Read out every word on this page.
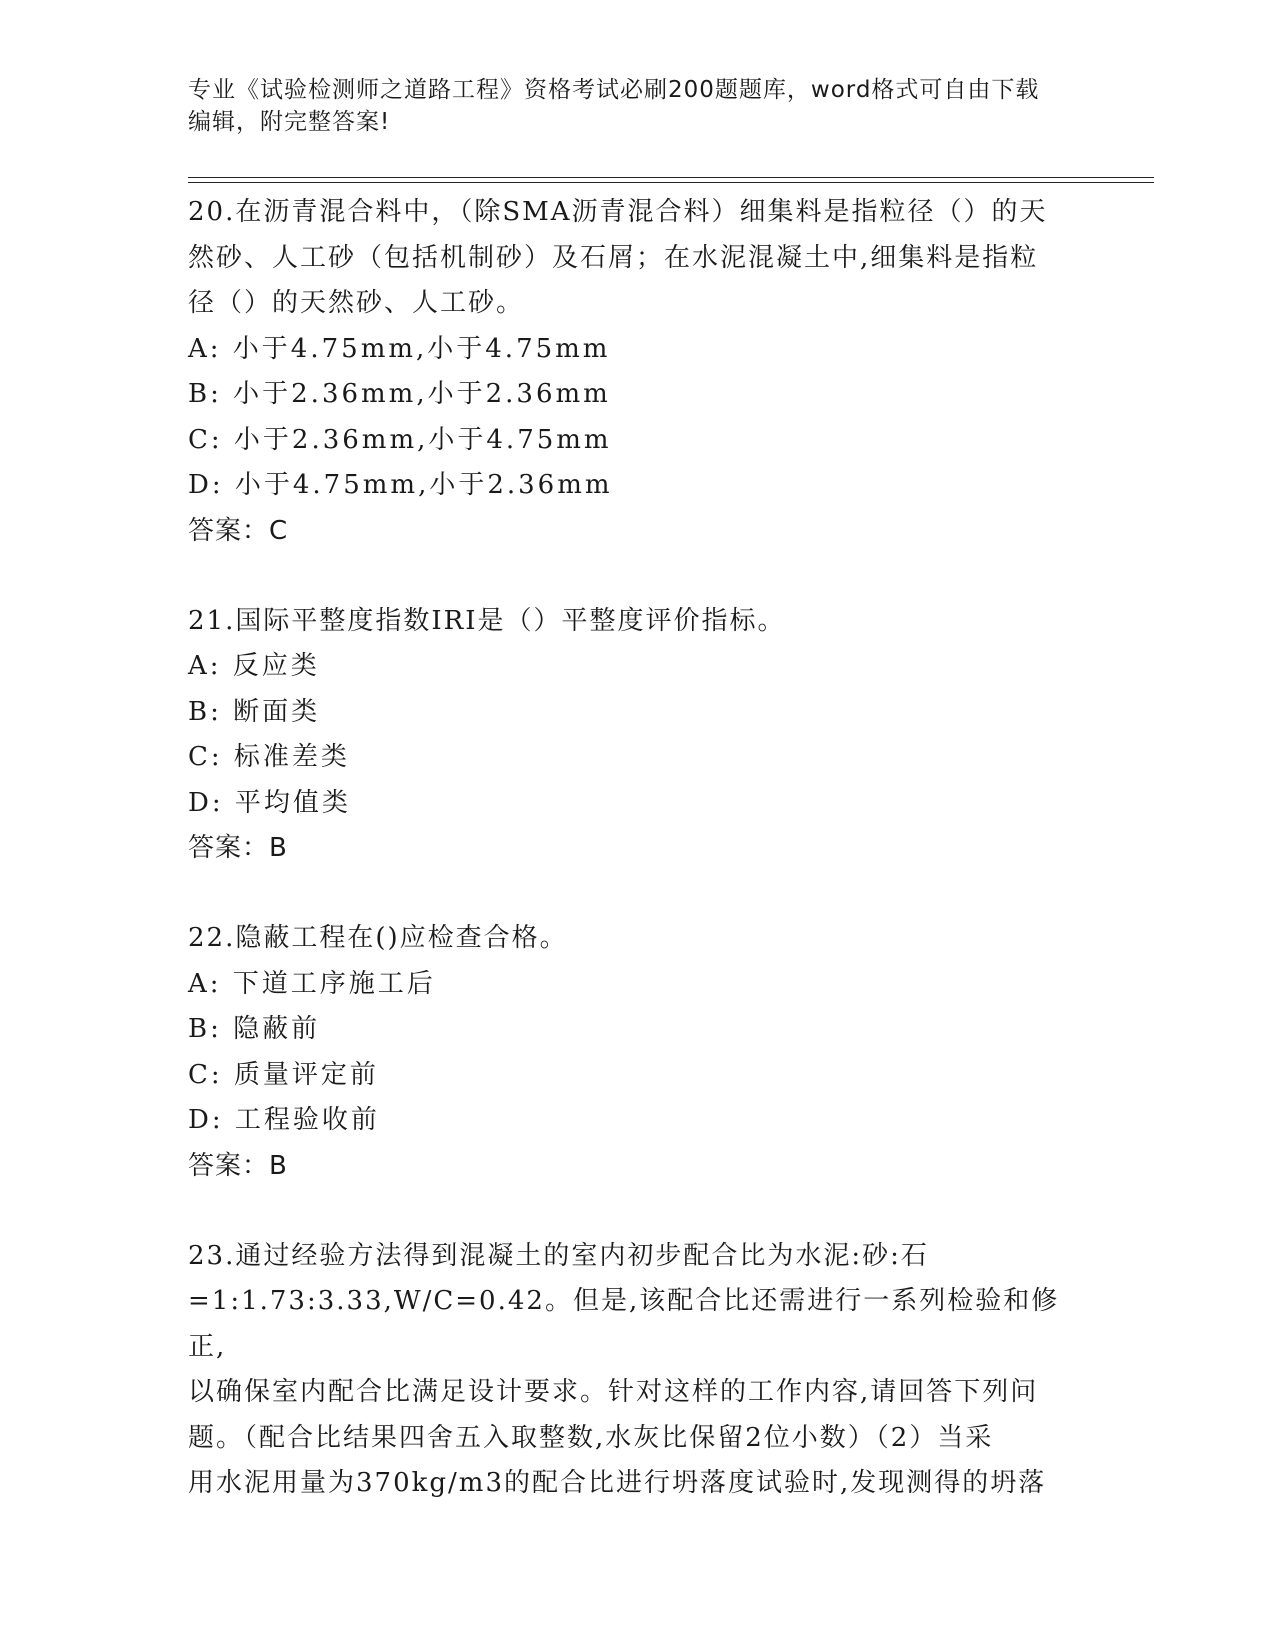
专业《试验检测师之道路工程》资格考试必刷200题题库，word格式可自由下载
编辑，附完整答案!
20.在沥青混合料中，（除SMA沥青混合料）细集料是指粒径（）的天
然砂、人工砂（包括机制砂）及石屑；在水泥混凝土中,细集料是指粒
径（）的天然砂、人工砂。
A: 小于4.75mm,小于4.75mm
B: 小于2.36mm,小于2.36mm
C: 小于2.36mm,小于4.75mm
D: 小于4.75mm,小于2.36mm
答案：C
21.国际平整度指数IRI是（）平整度评价指标。
A: 反应类
B: 断面类
C: 标准差类
D: 平均值类
答案：B
22.隐蔽工程在()应检查合格。
A: 下道工序施工后
B: 隐蔽前
C: 质量评定前
D: 工程验收前
答案：B
23.通过经验方法得到混凝土的室内初步配合比为水泥:砂:石
=1:1.73:3.33,W/C=0.42。但是,该配合比还需进行一系列检验和修正,
以确保室内配合比满足设计要求。针对这样的工作内容,请回答下列问
题。（配合比结果四舍五入取整数,水灰比保留2位小数）（2）当采
用水泥用量为370kg/m3的配合比进行坍落度试验时,发现测得的坍落
